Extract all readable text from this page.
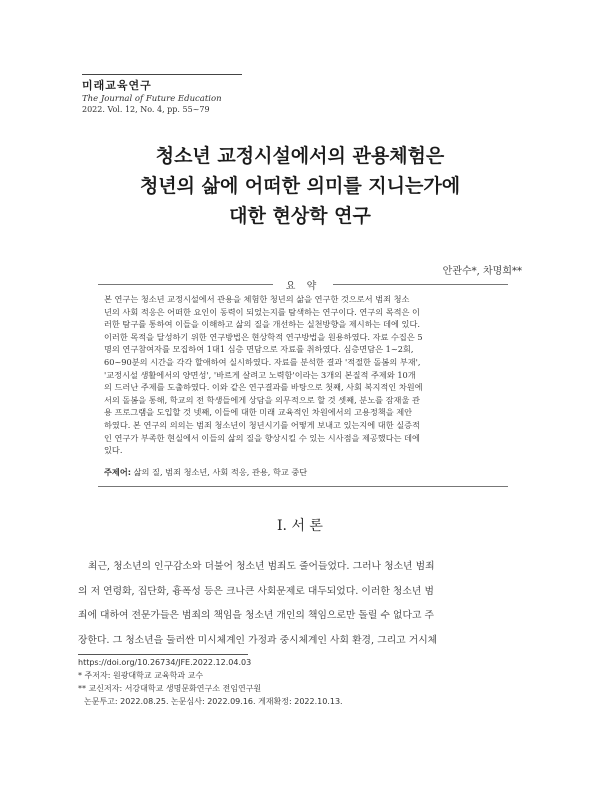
미래교육연구
The Journal of Future Education
2022. Vol. 12, No. 4, pp. 55~79
청소년 교정시설에서의 관용체험은
청년의 삶에 어떠한 의미를 지니는가에
대한 현상학 연구
안관수*, 차명희**
요 약
본 연구는 청소년 교정시설에서 관용을 체험한 청년의 삶을 연구한 것으로서 범죄 청소
년의 사회 적응은 어떠한 요인이 동력이 되었는지를 탐색하는 연구이다. 연구의 목적은 이
러한 탐구를 통하여 이들을 이해하고 삶의 질을 개선하는 실천방향을 제시하는 데에 있다.
이러한 목적을 달성하기 위한 연구방법은 현상학적 연구방법을 원용하였다. 자료 수집은 5
명의 연구참여자를 모집하여 1대1 심층 면담으로 자료를 취하였다. 심층면담은 1~2회,
60~90분의 시간을 각각 할애하여 실시하였다. 자료를 분석한 결과 '적절한 돌봄의 부재',
'교정시설 생활에서의 양면성', '바르게 살려고 노력함'이라는 3개의 본질적 주제와 10개
의 드러난 주제를 도출하였다. 이와 같은 연구결과를 바탕으로 첫째, 사회 복지적인 차원에
서의 돌봄을 통해, 학교의 전 학생들에게 상담을 의무적으로 할 것 셋째, 분노를 잠재울 관
용 프로그램을 도입할 것 넷째, 이들에 대한 미래 교육적인 차원에서의 고용정책을 제안
하였다. 본 연구의 의의는 범죄 청소년이 청년시기를 어떻게 보내고 있는지에 대한 실증적
인 연구가 부족한 현실에서 이들의 삶의 질을 향상시킬 수 있는 시사점을 제공했다는 데에
있다.
주제어: 삶의 질, 범죄 청소년, 사회 적응, 관용, 학교 중단
Ⅰ. 서 론
최근, 청소년의 인구감소와 더불어 청소년 범죄도 줄어들었다. 그러나 청소년 범죄
의 저 연령화, 집단화, 흉폭성 등은 크나큰 사회문제로 대두되었다. 이러한 청소년 범
죄에 대하여 전문가들은 범죄의 책임을 청소년 개인의 책임으로만 돌릴 수 없다고 주
장한다. 그 청소년을 둘러싼 미시체계인 가정과 중시체계인 사회 환경, 그리고 거시체
https://doi.org/10.26734/JFE.2022.12.04.03
* 주저자: 원광대학교 교육학과 교수
** 교신저자: 서강대학교 생명문화연구소 전임연구원
논문투고: 2022.08.25. 논문심사: 2022.09.16. 게재확정: 2022.10.13.
